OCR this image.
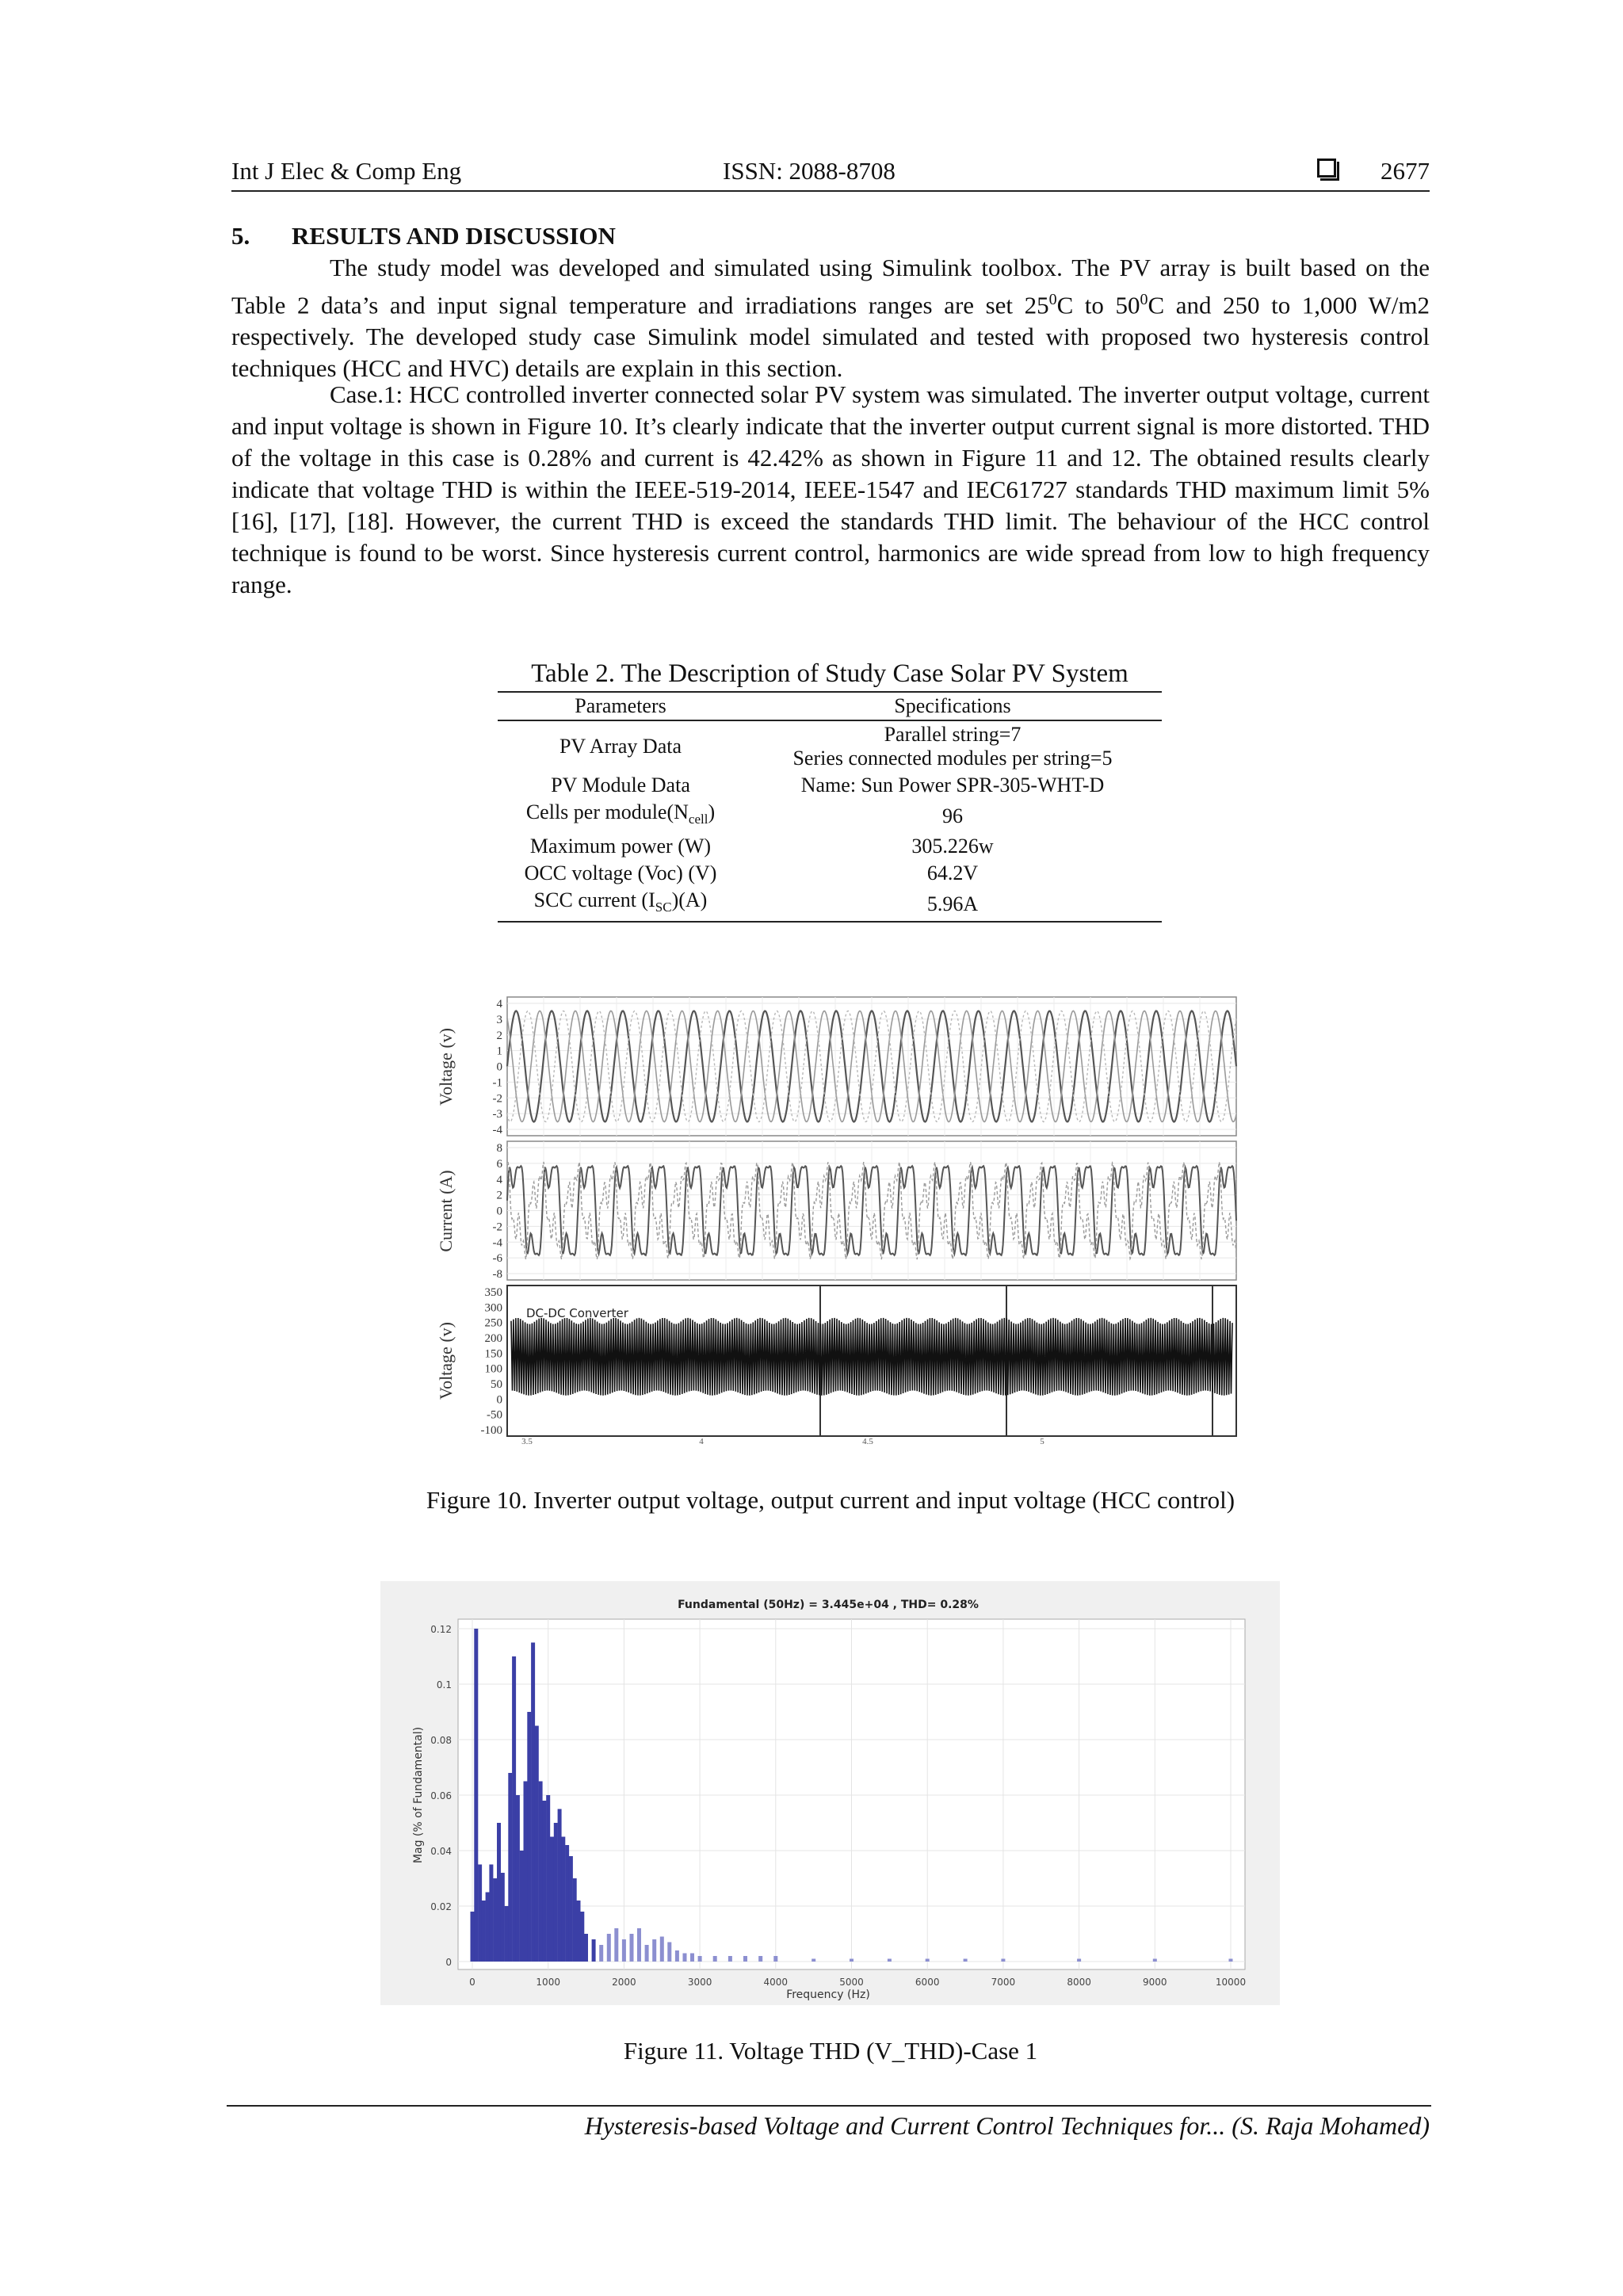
Int J Elec & Comp Eng	ISSN: 2088-8708	2677
5. RESULTS AND DISCUSSION
The study model was developed and simulated using Simulink toolbox. The PV array is built based on the Table 2 data’s and input signal temperature and irradiations ranges are set $25^0C$ to $50^0C$ and 250 to 1,000 W/m2 respectively. The developed study case Simulink model simulated and tested with proposed two hysteresis control techniques (HCC and HVC) details are explain in this section.
Case.1: HCC controlled inverter connected solar PV system was simulated. The inverter output voltage, current and input voltage is shown in Figure 10. It’s clearly indicate that the inverter output current signal is more distorted. THD of the voltage in this case is 0.28% and current is 42.42% as shown in Figure 11 and 12. The obtained results clearly indicate that voltage THD is within the IEEE-519-2014, IEEE-1547 and IEC61727 standards THD maximum limit 5% [16], [17], [18]. However, the current THD is exceed the standards THD limit. The behaviour of the HCC control technique is found to be worst. Since hysteresis current control, harmonics are wide spread from low to high frequency range.
Table 2. The Description of Study Case Solar PV System
Parameters	Specifications
PV Array Data	Parallel string=7
Series connected modules per string=5

PV Module Data	Name: Sun Power SPR-305-WHT-D
Cells per $module(N_{cell})$	96
Maximum power (W)	305.226w
OCC voltage (Voc) (V)	64.2V
SCC current $(I_{SC})(A)$	5.96A
4
3
2
1
0
-1
-2
-3
-4
8
6
4
2
0
-2
-4
-6
-8
350
300
250
200
150
100
50
0
-50
-100
3.5	4	4.5	5
Voltage (v)
Current (A)
Voltage (v)
DC-DC Converter
Figure 10. Inverter output voltage, output current and input voltage (HCC control)
0
0.02
0.04
0.06
0.08
0.1
0.12
0	1000	2000	3000	4000	5000	6000	7000	8000	9000	10000
Fundamental (50Hz) = 3.445e+04 , THD= 0.28%
Frequency (Hz)
Mag (% of Fundamental)
Figure 11. Voltage THD (V_THD)-Case 1
Hysteresis-based Voltage and Current Control Techniques for... (S. Raja Mohamed)
